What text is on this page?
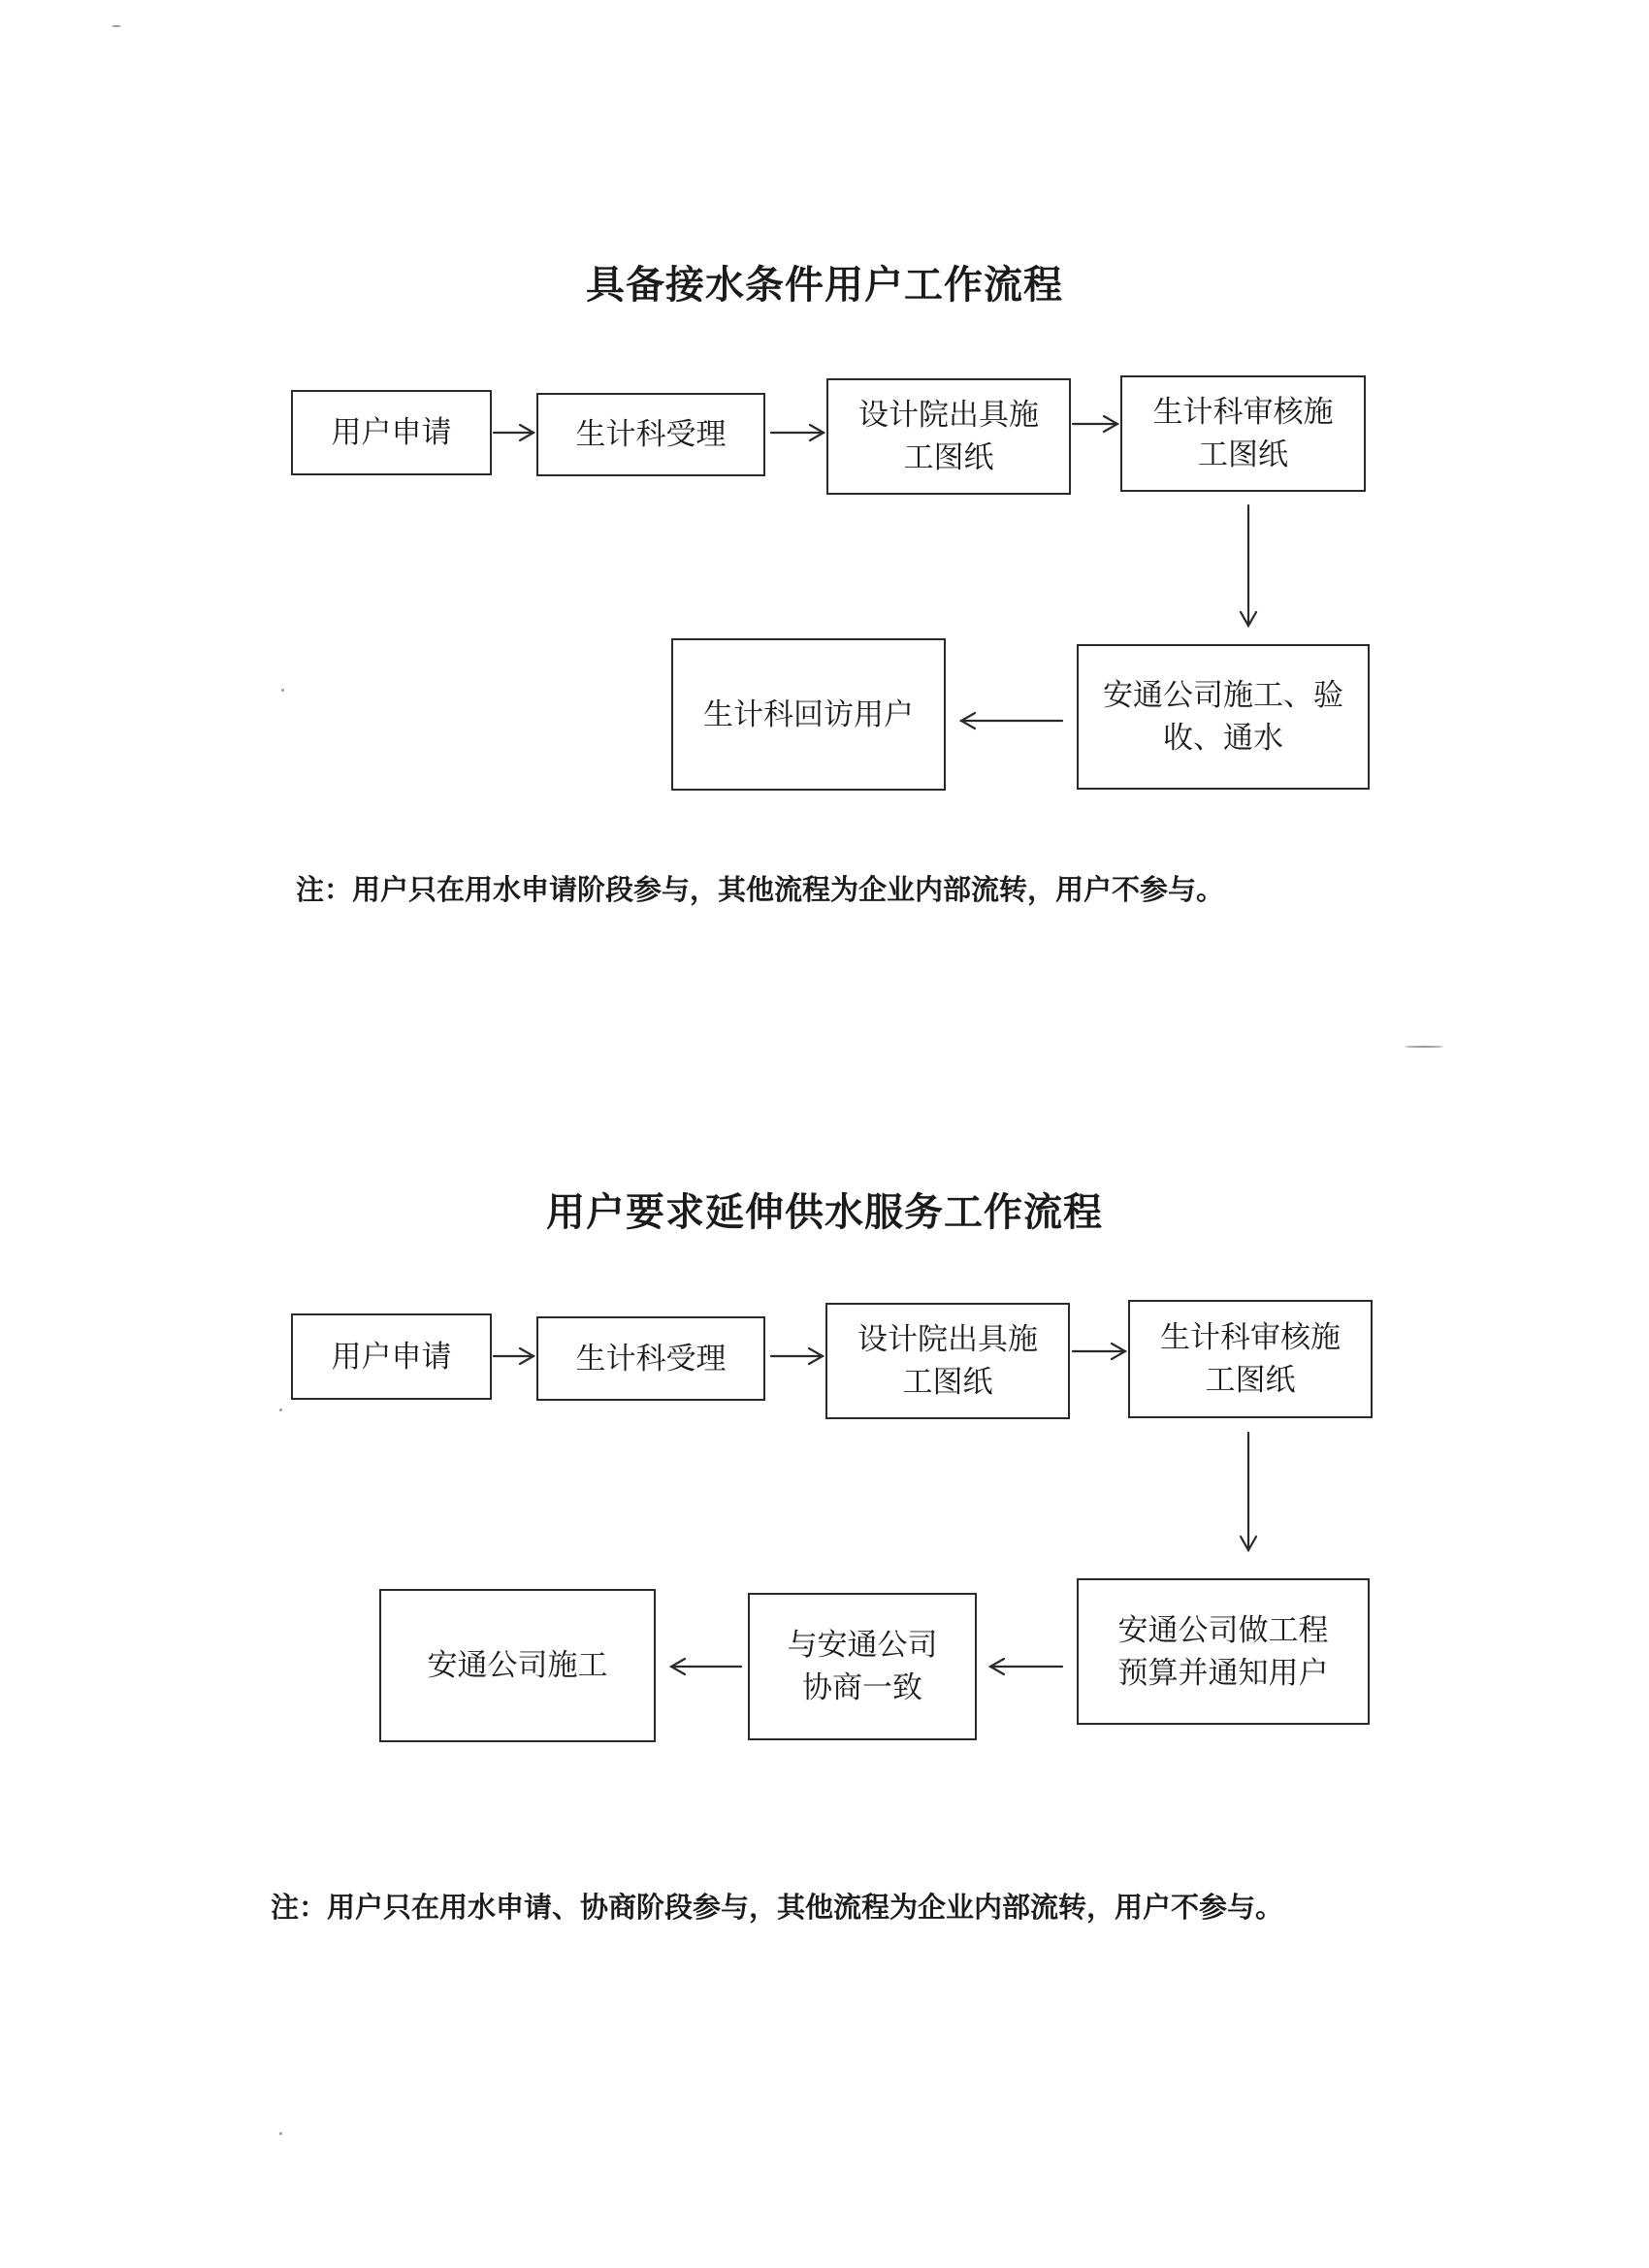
具备接水条件用户工作流程
用户申请	生计科受理
设计院出具施
工图纸
生计科审核施
工图纸
安通公司施工、验
收、通水
生计科回访用户
注：用户只在用水申请阶段参与，其他流程为企业内部流转，用户不参与。
用户要求延伸供水服务工作流程
用户申请	生计科受理
设计院出具施
工图纸
生计科审核施
工图纸
安通公司做工程
预算并通知用户
与安通公司
协商一致
安通公司施工
注：用户只在用水申请、协商阶段参与，其他流程为企业内部流转，用户不参与。
